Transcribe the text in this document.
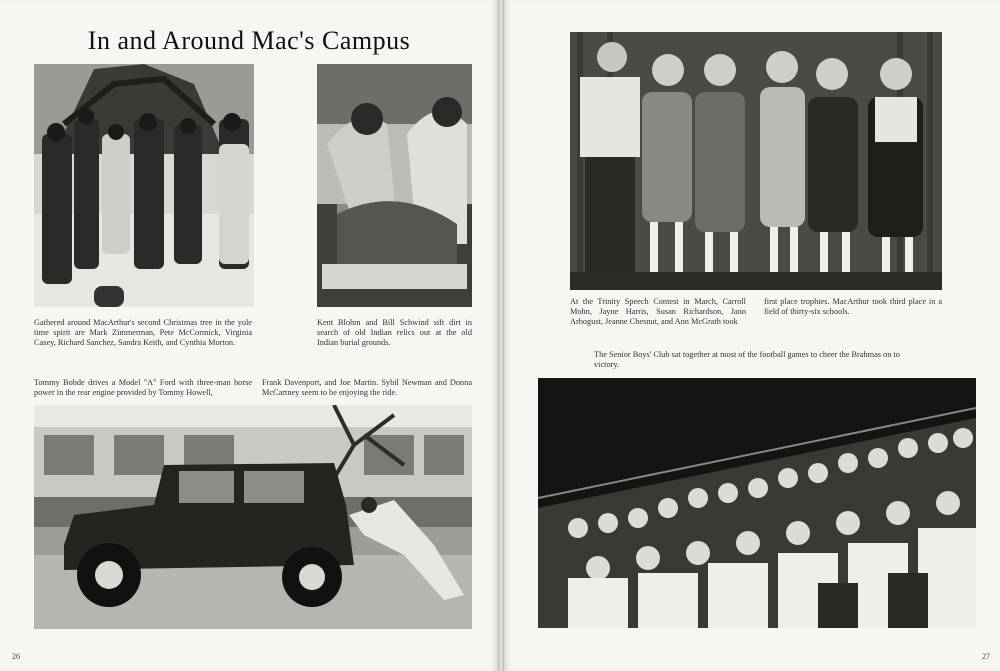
In and Around Mac's Campus
Gathered around MacArthur's second Christmas tree in the yule time spirit are Mark Zimmerman, Pete McCormick, Virginia Casey, Richard Sanchez, Sandra Keith, and Cynthia Morton.
Kent Blohm and Bill Schwind sift dirt in search of old Indian relics out at the old Indian burial grounds.
Tommy Bohde drives a Model "A" Ford with three-man horse power in the rear engine provided by Tommy Howell,
Frank Davenport, and Joe Martin. Sybil Newman and Donna McCartney seem to be enjoying the ride.
26
At the Trinity Speech Contest in March, Carroll Mohn, Jayne Harris, Susan Richardson, Jann Arbogust, Jeanne Chesnut, and Ann McGrath took
first place trophies. MacArthur took third place in a field of thirty-six schools.
The Senior Boys' Club sat together at most of the football games to cheer the Brahmas on to victory.
27
